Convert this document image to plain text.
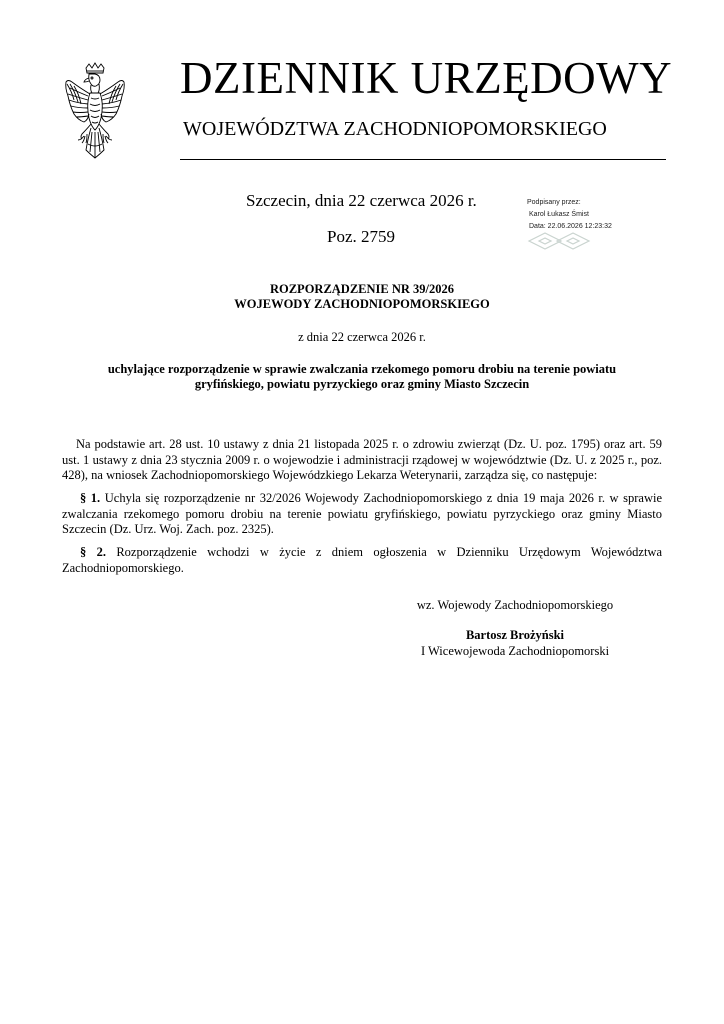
DZIENNIK URZĘDOWY
WOJEWÓDZTWA ZACHODNIOPOMORSKIEGO
Szczecin, dnia 22 czerwca 2026 r.
Poz. 2759
Podpisany przez:
Karol Łukasz Śmist
Data: 22.06.2026 12:23:32
ROZPORZĄDZENIE NR 39/2026
WOJEWODY ZACHODNIOPOMORSKIEGO
z dnia 22 czerwca 2026 r.
uchylające rozporządzenie w sprawie zwalczania rzekomego pomoru drobiu na terenie powiatu
gryfińskiego, powiatu pyrzyckiego oraz gminy Miasto Szczecin
Na podstawie art. 28 ust. 10 ustawy z dnia 21 listopada 2025 r. o zdrowiu zwierząt (Dz. U. poz. 1795) oraz art. 59 ust. 1 ustawy z dnia 23 stycznia 2009 r. o wojewodzie i administracji rządowej w województwie (Dz. U. z 2025 r., poz. 428), na wniosek Zachodniopomorskiego Wojewódzkiego Lekarza Weterynarii, zarządza się, co następuje:
§ 1. Uchyla się rozporządzenie nr 32/2026 Wojewody Zachodniopomorskiego z dnia 19 maja 2026 r. w sprawie zwalczania rzekomego pomoru drobiu na terenie powiatu gryfińskiego, powiatu pyrzyckiego oraz gminy Miasto Szczecin (Dz. Urz. Woj. Zach. poz. 2325).
§ 2. Rozporządzenie wchodzi w życie z dniem ogłoszenia w Dzienniku Urzędowym Województwa Zachodniopomorskiego.
wz. Wojewody Zachodniopomorskiego
Bartosz Brożyński
I Wicewojewoda Zachodniopomorski
